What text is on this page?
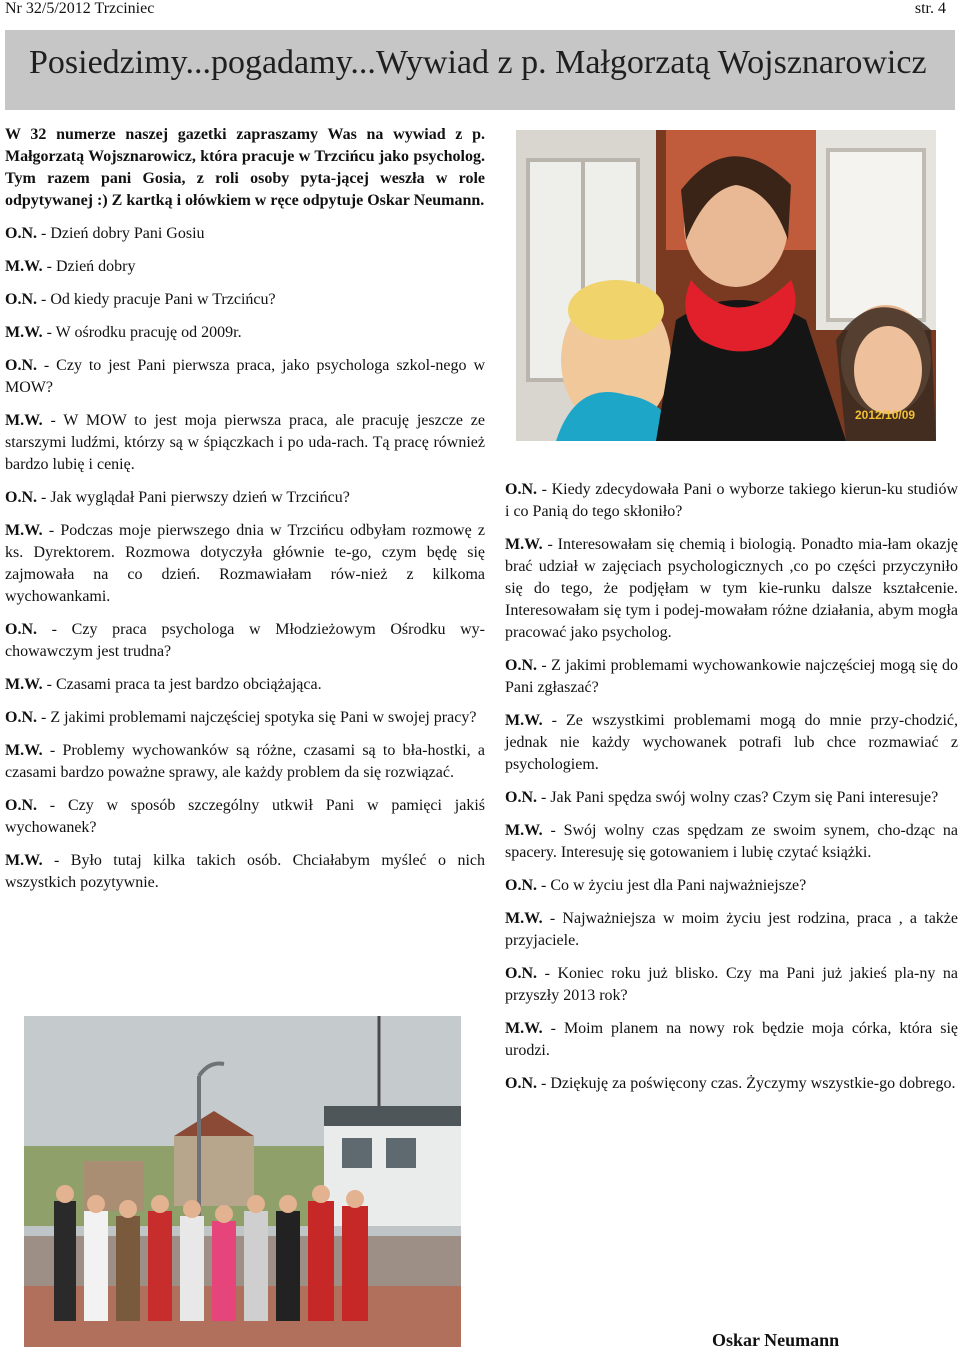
Nr 32/5/2012 Trzciniec	str. 4
Posiedzimy...pogadamy...Wywiad z p. Małgorzatą Wojsznarowicz

W 32 numerze naszej gazetki zapraszamy Was na wywiad z p. Małgorzatą Wojsznarowicz, która pracuje w Trzcińcu jako psycholog. Tym razem pani Gosia, z roli osoby pyta-jącej weszła w role odpytywanej :) Z kartką i ołówkiem w ręce odpytuje Oskar Neumann.

O.N. - Dzień dobry Pani Gosiu

M.W. - Dzień dobry

O.N. - Od kiedy pracuje Pani w Trzcińcu?

M.W. - W ośrodku pracuję od 2009r.

O.N. - Czy to jest Pani pierwsza praca, jako psychologa szkol-nego w MOW?

M.W. - W MOW to jest moja pierwsza praca, ale pracuję jeszcze ze starszymi ludźmi, którzy są w śpiączkach i po uda-rach. Tą pracę również bardzo lubię i cenię.

O.N. - Jak wyglądał Pani pierwszy dzień w Trzcińcu?

M.W. - Podczas moje pierwszego dnia w Trzcińcu odbyłam rozmowę z ks. Dyrektorem. Rozmowa dotyczyła głównie te-go, czym będę się zajmowała na co dzień. Rozmawiałam rów-nież z kilkoma wychowankami.

O.N. - Czy praca psychologa w Młodzieżowym Ośrodku wy-chowawczym jest trudna?

M.W. - Czasami praca ta jest bardzo obciążająca.

O.N. - Z jakimi problemami najczęściej spotyka się Pani w swojej pracy?

M.W. - Problemy wychowanków są różne, czasami są to bła-hostki, a czasami bardzo poważne sprawy, ale każdy problem da się rozwiązać.

O.N. - Czy w sposób szczególny utkwił Pani w pamięci jakiś wychowanek?

M.W. - Było tutaj kilka takich osób. Chciałabym myśleć o nich wszystkich pozytywnie.

2012/10/09

O.N. - Kiedy zdecydowała Pani o wyborze takiego kierun-ku studiów i co Panią do tego skłoniło?

M.W. - Interesowałam się chemią i biologią. Ponadto mia-łam okazję brać udział w zajęciach psychologicznych ,co po części przyczyniło się do tego, że podjęłam w tym kie-runku dalsze kształcenie. Interesowałam się tym i podej-mowałam różne działania, abym mogła pracować jako psycholog.

O.N. - Z jakimi problemami wychowankowie najczęściej mogą się do Pani zgłaszać?

M.W. - Ze wszystkimi problemami mogą do mnie przy-chodzić, jednak nie każdy wychowanek potrafi lub chce rozmawiać z psychologiem.

O.N. - Jak Pani spędza swój wolny czas? Czym się Pani interesuje?

M.W. - Swój wolny czas spędzam ze swoim synem, cho-dząc na spacery. Interesuję się gotowaniem i lubię czytać książki.

O.N. - Co w życiu jest dla Pani najważniejsze?

M.W. - Najważniejsza w moim życiu jest rodzina, praca , a także przyjaciele.

O.N. - Koniec roku już blisko. Czy ma Pani już jakieś pla-ny na przyszły 2013 rok?

M.W. - Moim planem na nowy rok będzie moja córka, która się urodzi.

O.N. - Dziękuję za poświęcony czas. Życzymy wszystkie-go dobrego.

Oskar Neumann
